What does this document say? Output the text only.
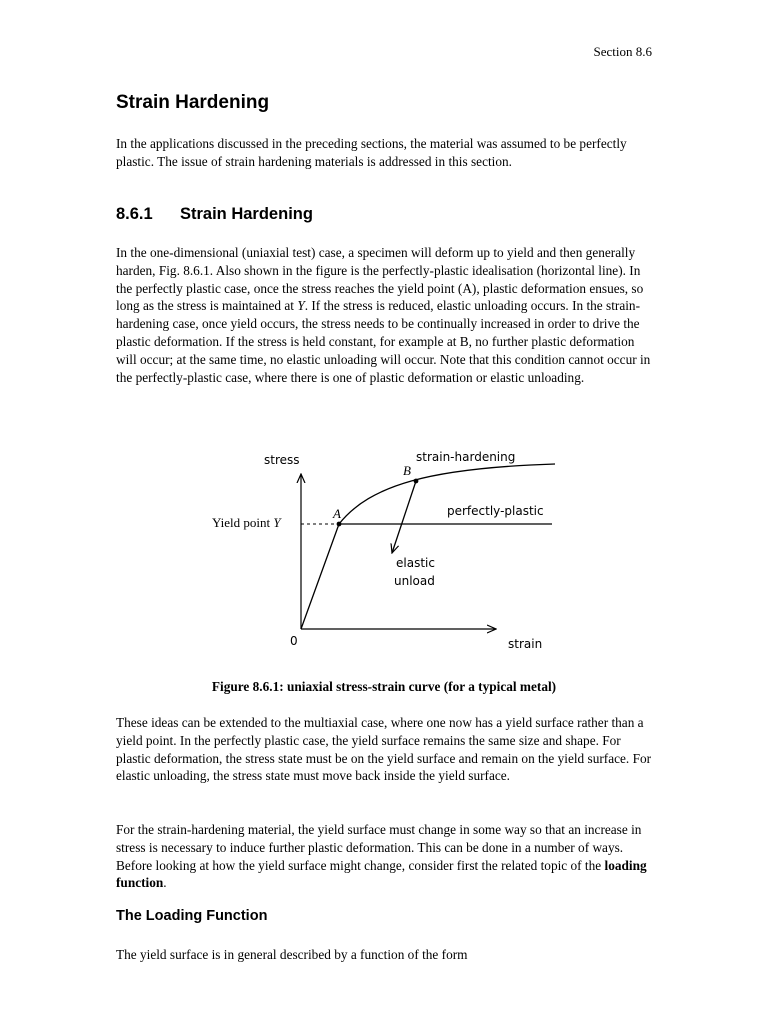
Section 8.6
Strain Hardening

In the applications discussed in the preceding sections, the material was assumed to be perfectly plastic. The issue of strain hardening materials is addressed in this section.

8.6.1 Strain Hardening

In the one-dimensional (uniaxial test) case, a specimen will deform up to yield and then generally harden, Fig. 8.6.1. Also shown in the figure is the perfectly-plastic idealisation (horizontal line). In the perfectly plastic case, once the stress reaches the yield point (A), plastic deformation ensues, so long as the stress is maintained at Y. If the stress is reduced, elastic unloading occurs. In the strain-hardening case, once yield occurs, the stress needs to be continually increased in order to drive the plastic deformation. If the stress is held constant, for example at B, no further plastic deformation will occur; at the same time, no elastic unloading will occur. Note that this condition cannot occur in the perfectly-plastic case, where there is one of plastic deformation or elastic unloading.

stress
strain
0
Yield point Y
A
B
strain-hardening
perfectly-plastic
elastic
unload
Figure 8.6.1: uniaxial stress-strain curve (for a typical metal)

These ideas can be extended to the multiaxial case, where one now has a yield surface rather than a yield point. In the perfectly plastic case, the yield surface remains the same size and shape. For plastic deformation, the stress state must be on the yield surface and remain on the yield surface. For elastic unloading, the stress state must move back inside the yield surface.

For the strain-hardening material, the yield surface must change in some way so that an increase in stress is necessary to induce further plastic deformation. This can be done in a number of ways. Before looking at how the yield surface might change, consider first the related topic of the loading function.

The Loading Function

The yield surface is in general described by a function of the form
